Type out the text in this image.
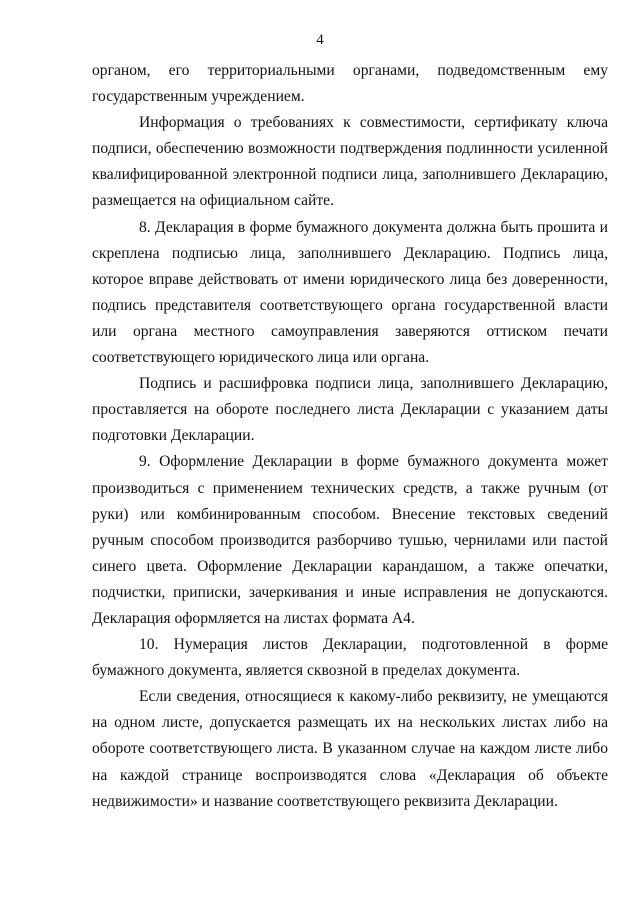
4

органом, его территориальными органами, подведомственным ему государственным учреждением.

Информация о требованиях к совместимости, сертификату ключа подписи, обеспечению возможности подтверждения подлинности усиленной квалифицированной электронной подписи лица, заполнившего Декларацию, размещается на официальном сайте.

8. Декларация в форме бумажного документа должна быть прошита и скреплена подписью лица, заполнившего Декларацию. Подпись лица, которое вправе действовать от имени юридического лица без доверенности, подпись представителя соответствующего органа государственной власти или органа местного самоуправления заверяются оттиском печати соответствующего юридического лица или органа.

Подпись и расшифровка подписи лица, заполнившего Декларацию, проставляется на обороте последнего листа Декларации с указанием даты подготовки Декларации.

9. Оформление Декларации в форме бумажного документа может производиться с применением технических средств, а также ручным (от руки) или комбинированным способом. Внесение текстовых сведений ручным способом производится разборчиво тушью, чернилами или пастой синего цвета. Оформление Декларации карандашом, а также опечатки, подчистки, приписки, зачеркивания и иные исправления не допускаются. Декларация оформляется на листах формата А4.

10. Нумерация листов Декларации, подготовленной в форме бумажного документа, является сквозной в пределах документа.

Если сведения, относящиеся к какому-либо реквизиту, не умещаются на одном листе, допускается размещать их на нескольких листах либо на обороте соответствующего листа. В указанном случае на каждом листе либо на каждой странице воспроизводятся слова «Декларация об объекте недвижимости» и название соответствующего реквизита Декларации.
